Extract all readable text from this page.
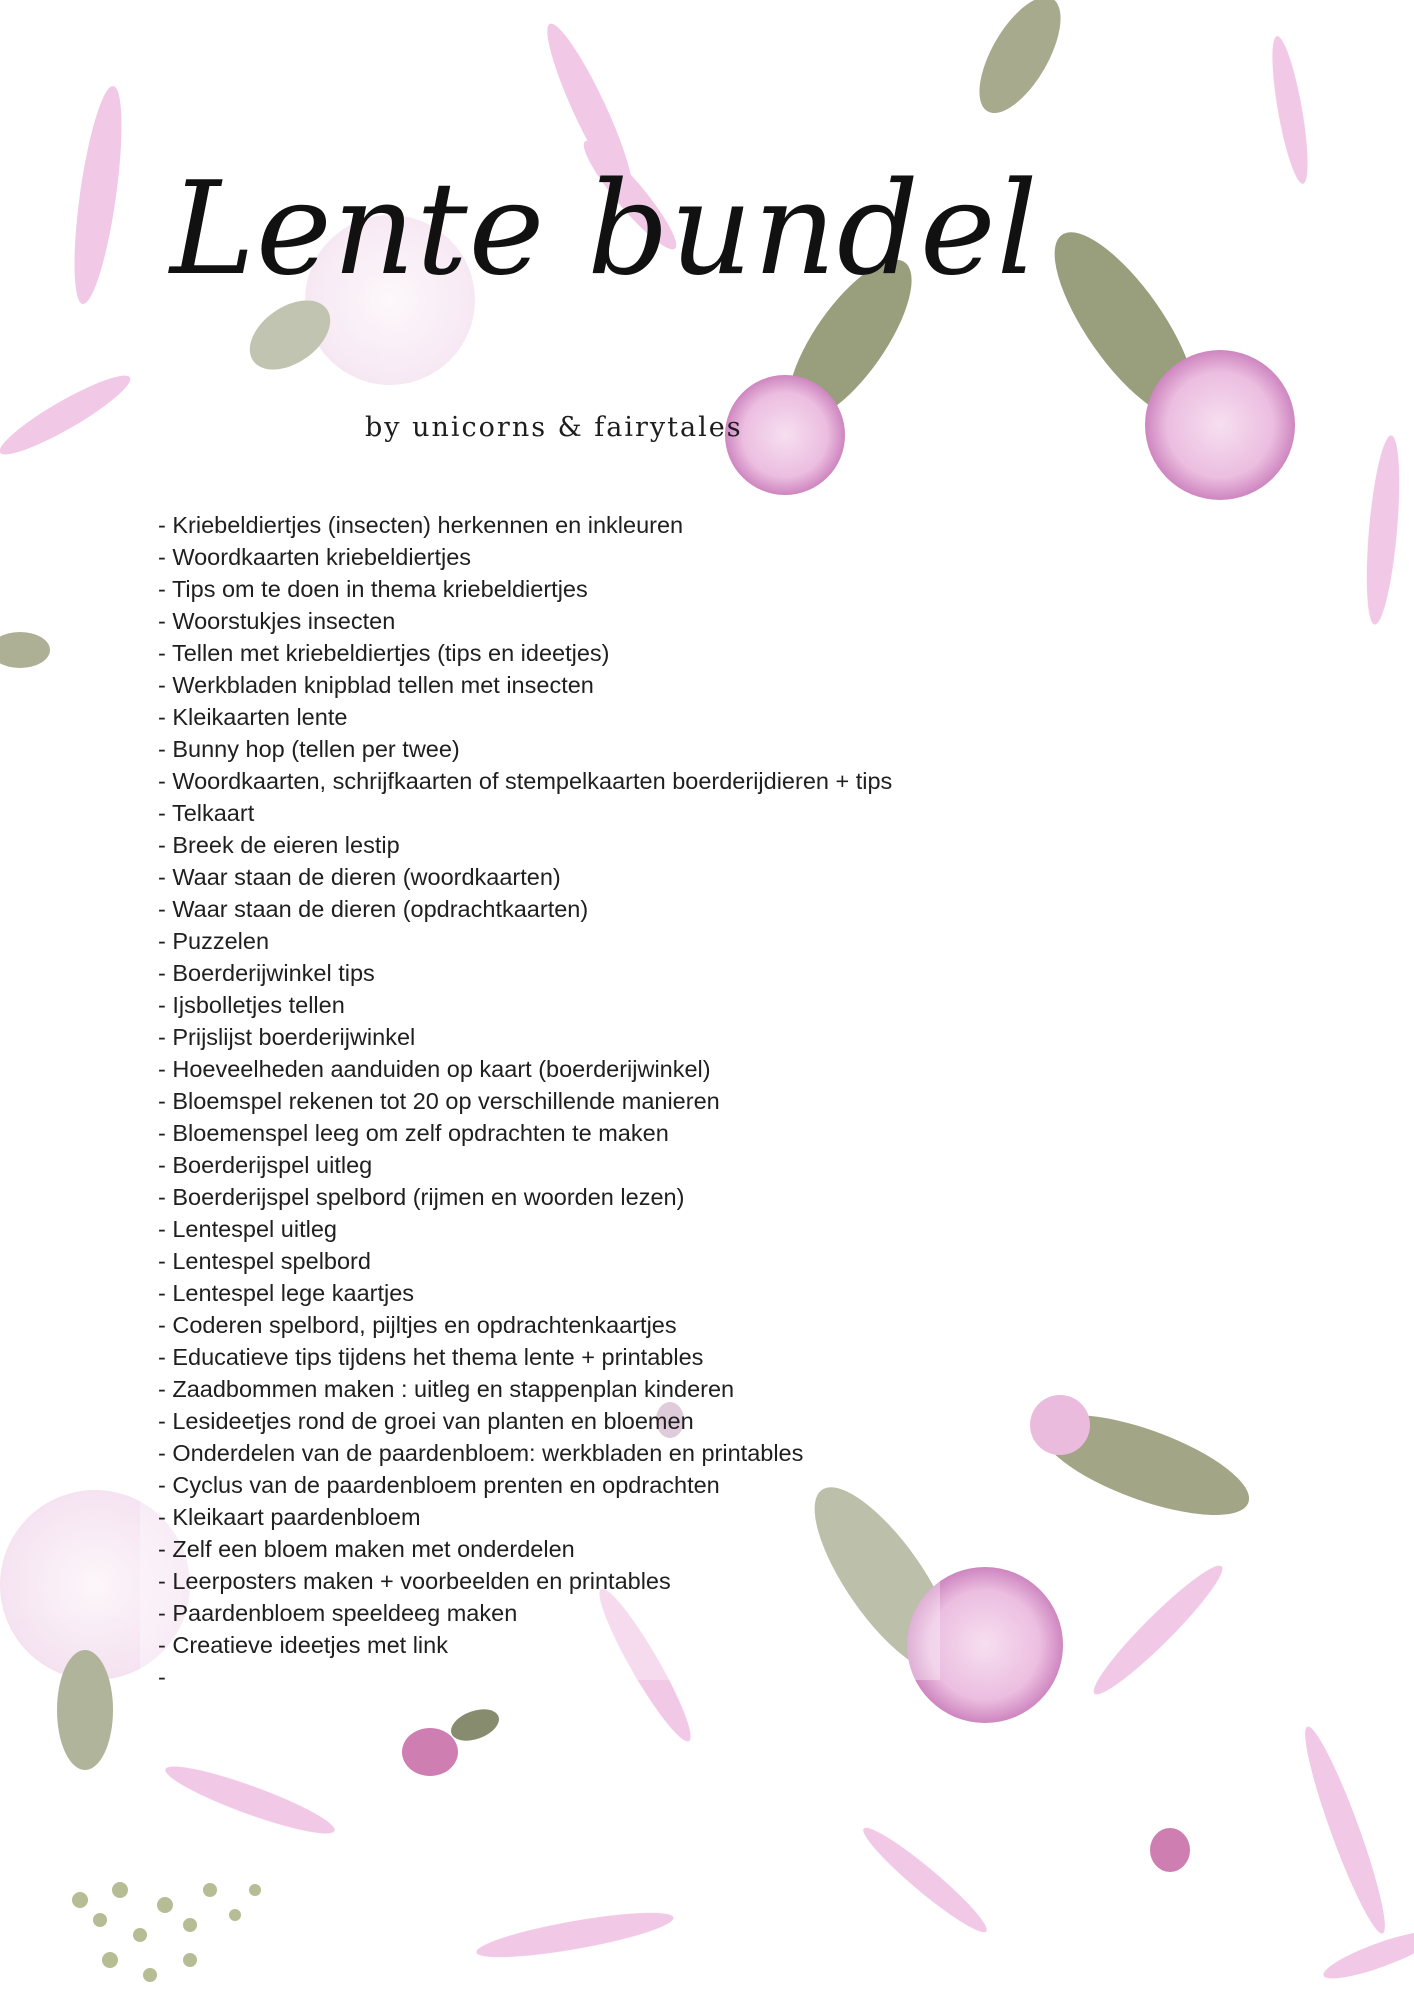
Lente bundel

by unicorns & fairytales

- Kriebeldiertjes (insecten) herkennen en inkleuren
- Woordkaarten kriebeldiertjes
- Tips om te doen in thema kriebeldiertjes
- Woorstukjes insecten
- Tellen met kriebeldiertjes (tips en ideetjes)
- Werkbladen knipblad tellen met insecten
- Kleikaarten lente
- Bunny hop (tellen per twee)
- Woordkaarten, schrijfkaarten of stempelkaarten boerderijdieren + tips
- Telkaart
- Breek de eieren lestip
- Waar staan de dieren (woordkaarten)
- Waar staan de dieren (opdrachtkaarten)
- Puzzelen
- Boerderijwinkel tips
- Ijsbolletjes tellen
- Prijslijst boerderijwinkel
- Hoeveelheden aanduiden op kaart (boerderijwinkel)
- Bloemspel rekenen tot 20 op verschillende manieren
- Bloemenspel leeg om zelf opdrachten te maken
- Boerderijspel uitleg
- Boerderijspel spelbord (rijmen en woorden lezen)
- Lentespel uitleg
- Lentespel spelbord
- Lentespel lege kaartjes
- Coderen spelbord, pijltjes en opdrachtenkaartjes
- Educatieve tips tijdens het thema lente + printables
- Zaadbommen maken : uitleg en stappenplan kinderen
- Lesideetjes rond de groei van planten en bloemen
- Onderdelen van de paardenbloem: werkbladen en printables
- Cyclus van de paardenbloem prenten en opdrachten
- Kleikaart paardenbloem
- Zelf een bloem maken met onderdelen
- Leerposters maken + voorbeelden en printables
- Paardenbloem speeldeeg maken
- Creatieve ideetjes met link
-
